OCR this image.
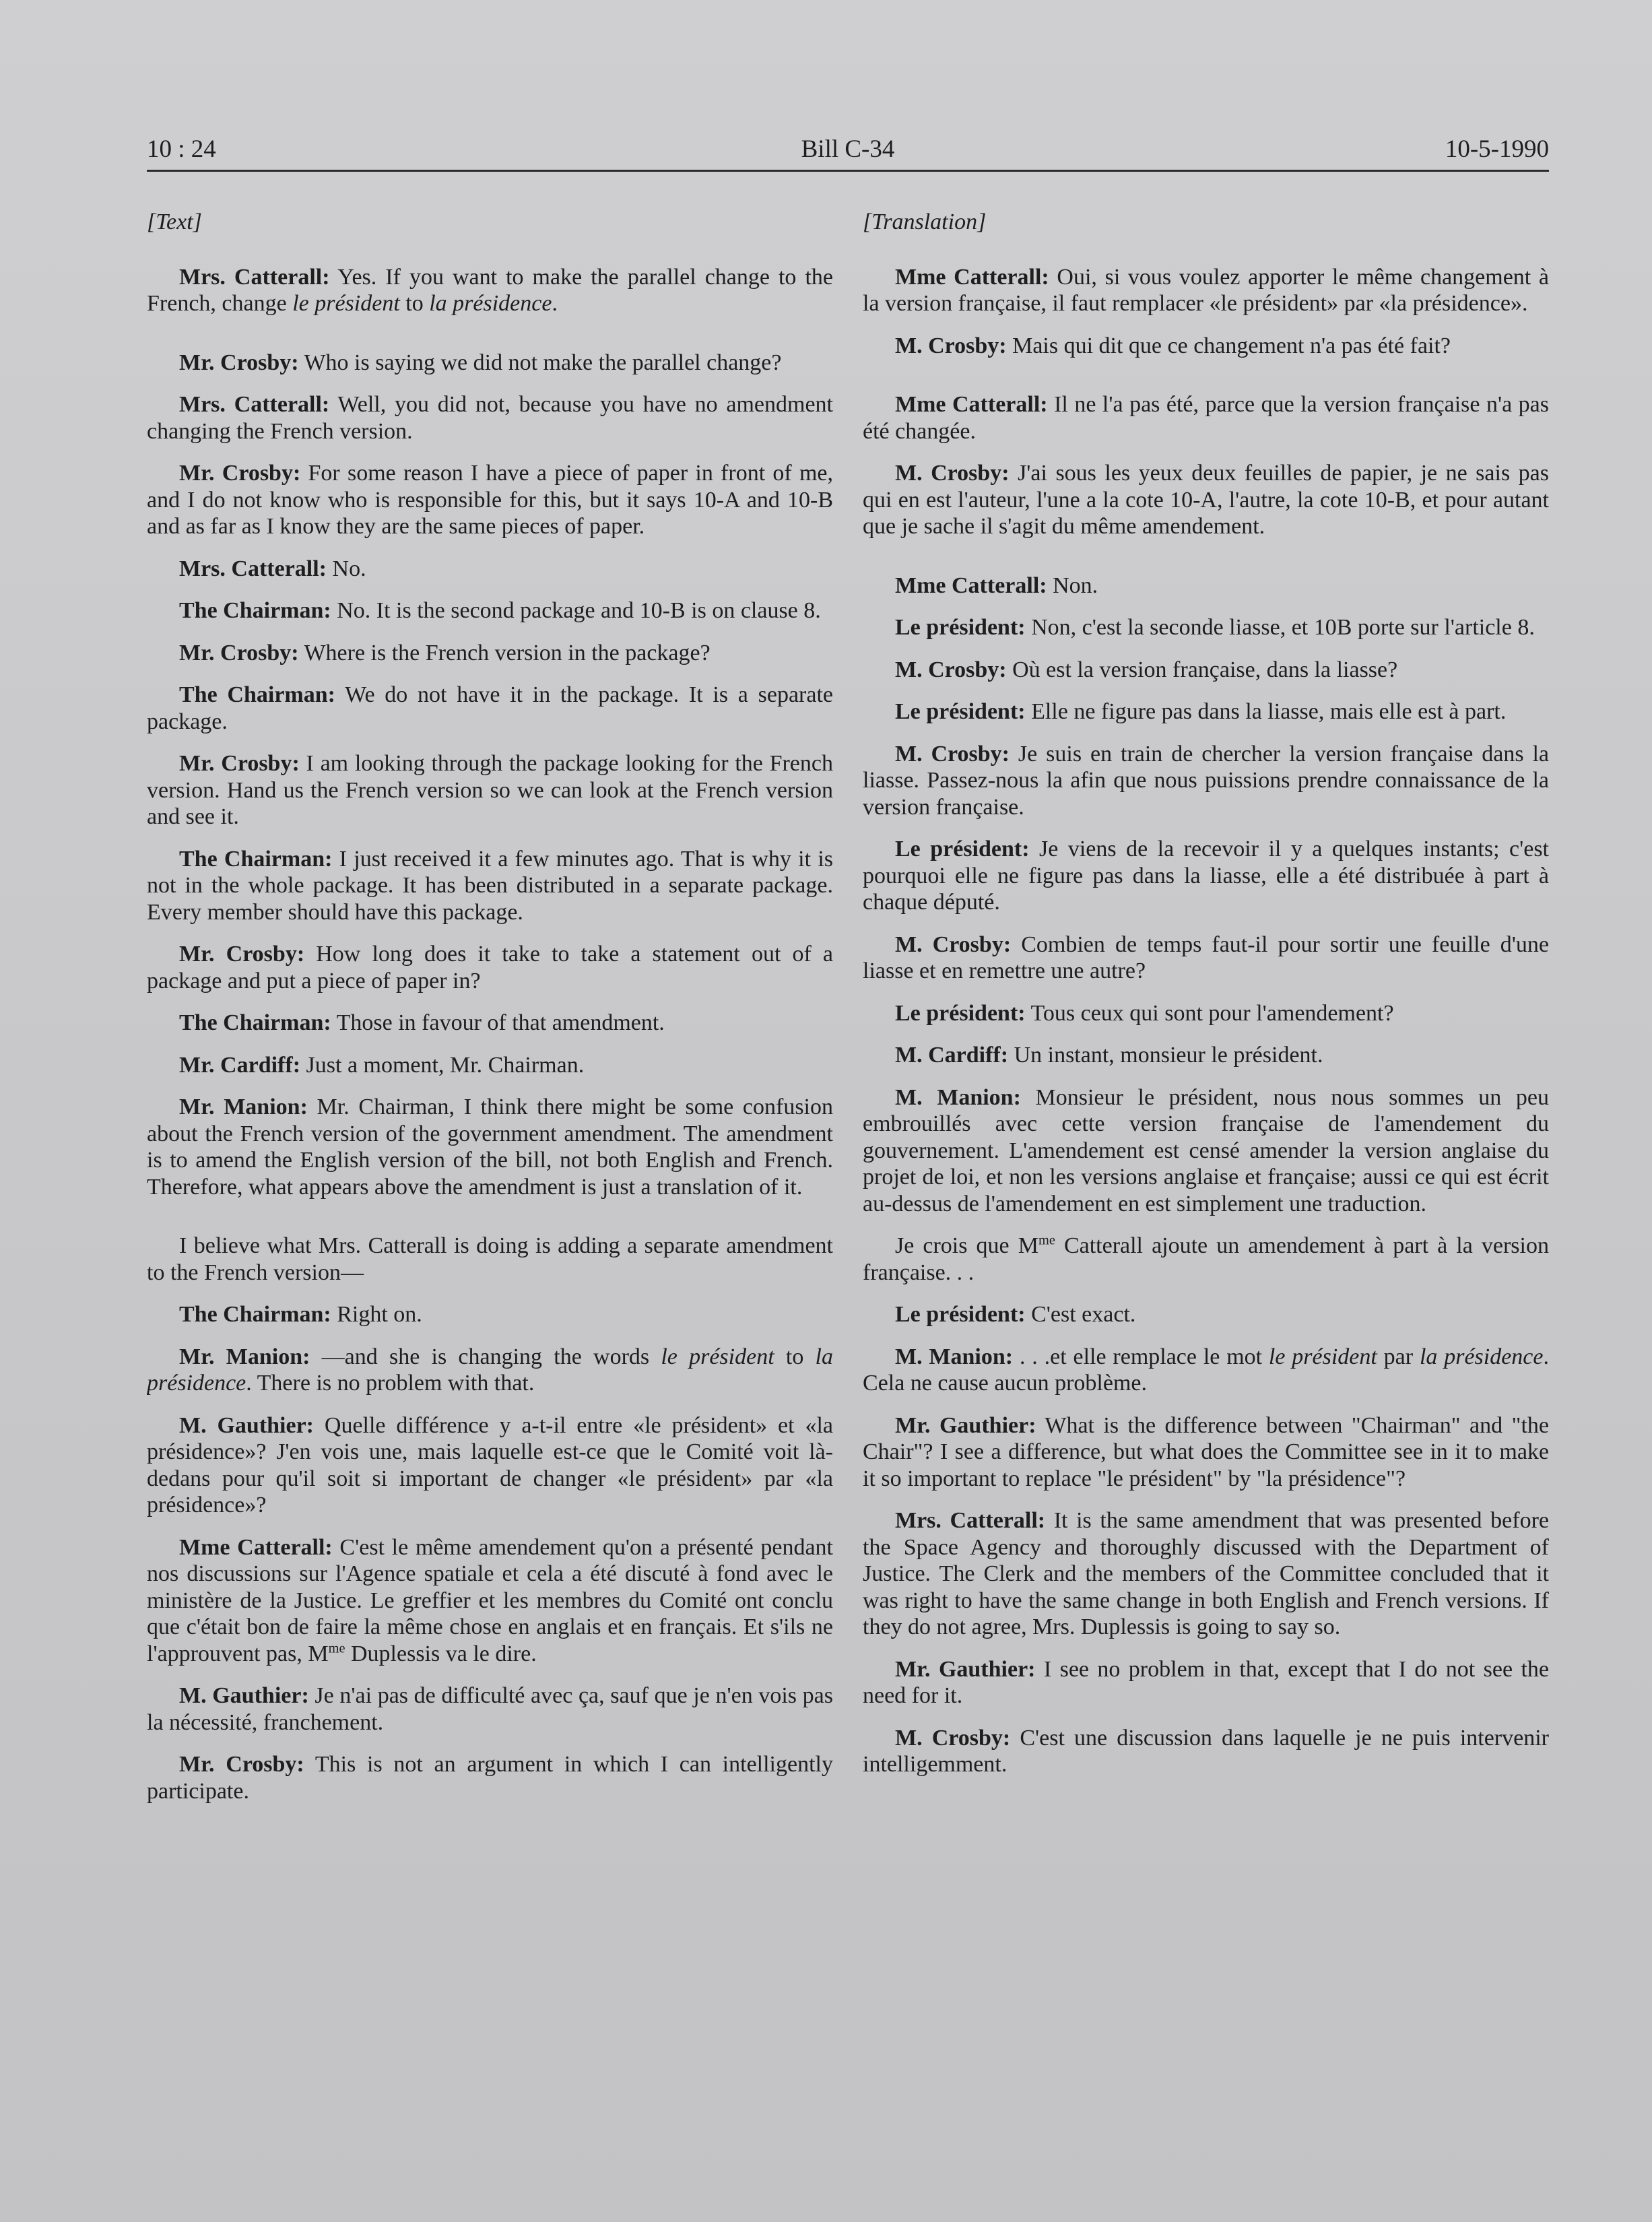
10 : 24	Bill C-34	10-5-1990

[Text]

Mrs. Catterall: Yes. If you want to make the parallel change to the French, change le président to la présidence.

Mr. Crosby: Who is saying we did not make the parallel change?

Mrs. Catterall: Well, you did not, because you have no amendment changing the French version.

Mr. Crosby: For some reason I have a piece of paper in front of me, and I do not know who is responsible for this, but it says 10-A and 10-B and as far as I know they are the same pieces of paper.

Mrs. Catterall: No.

The Chairman: No. It is the second package and 10-B is on clause 8.

Mr. Crosby: Where is the French version in the package?

The Chairman: We do not have it in the package. It is a separate package.

Mr. Crosby: I am looking through the package looking for the French version. Hand us the French version so we can look at the French version and see it.

The Chairman: I just received it a few minutes ago. That is why it is not in the whole package. It has been distributed in a separate package. Every member should have this package.

Mr. Crosby: How long does it take to take a statement out of a package and put a piece of paper in?

The Chairman: Those in favour of that amendment.

Mr. Cardiff: Just a moment, Mr. Chairman.

Mr. Manion: Mr. Chairman, I think there might be some confusion about the French version of the government amendment. The amendment is to amend the English version of the bill, not both English and French. Therefore, what appears above the amendment is just a translation of it.

I believe what Mrs. Catterall is doing is adding a separate amendment to the French version—

The Chairman: Right on.

Mr. Manion: —and she is changing the words le président to la présidence. There is no problem with that.

M. Gauthier: Quelle différence y a-t-il entre «le président» et «la présidence»? J'en vois une, mais laquelle est-ce que le Comité voit là-dedans pour qu'il soit si important de changer «le président» par «la présidence»?

Mme Catterall: C'est le même amendement qu'on a présenté pendant nos discussions sur l'Agence spatiale et cela a été discuté à fond avec le ministère de la Justice. Le greffier et les membres du Comité ont conclu que c'était bon de faire la même chose en anglais et en français. Et s'ils ne l'approuvent pas, $M^{me}$ Duplessis va le dire.

M. Gauthier: Je n'ai pas de difficulté avec ça, sauf que je n'en vois pas la nécessité, franchement.

Mr. Crosby: This is not an argument in which I can intelligently participate.

[Translation]

Mme Catterall: Oui, si vous voulez apporter le même changement à la version française, il faut remplacer «le président» par «la présidence».

M. Crosby: Mais qui dit que ce changement n'a pas été fait?

Mme Catterall: Il ne l'a pas été, parce que la version française n'a pas été changée.

M. Crosby: J'ai sous les yeux deux feuilles de papier, je ne sais pas qui en est l'auteur, l'une a la cote 10-A, l'autre, la cote 10-B, et pour autant que je sache il s'agit du même amendement.

Mme Catterall: Non.

Le président: Non, c'est la seconde liasse, et 10B porte sur l'article 8.

M. Crosby: Où est la version française, dans la liasse?

Le président: Elle ne figure pas dans la liasse, mais elle est à part.

M. Crosby: Je suis en train de chercher la version française dans la liasse. Passez-nous la afin que nous puissions prendre connaissance de la version française.

Le président: Je viens de la recevoir il y a quelques instants; c'est pourquoi elle ne figure pas dans la liasse, elle a été distribuée à part à chaque député.

M. Crosby: Combien de temps faut-il pour sortir une feuille d'une liasse et en remettre une autre?

Le président: Tous ceux qui sont pour l'amendement?

M. Cardiff: Un instant, monsieur le président.

M. Manion: Monsieur le président, nous nous sommes un peu embrouillés avec cette version française de l'amendement du gouvernement. L'amendement est censé amender la version anglaise du projet de loi, et non les versions anglaise et française; aussi ce qui est écrit au-dessus de l'amendement en est simplement une traduction.

Je crois que $M^{me}$ Catterall ajoute un amendement à part à la version française. . .

Le président: C'est exact.

M. Manion: . . .et elle remplace le mot le président par la présidence. Cela ne cause aucun problème.

Mr. Gauthier: What is the difference between "Chairman" and "the Chair"? I see a difference, but what does the Committee see in it to make it so important to replace "le président" by "la présidence"?

Mrs. Catterall: It is the same amendment that was presented before the Space Agency and thoroughly discussed with the Department of Justice. The Clerk and the members of the Committee concluded that it was right to have the same change in both English and French versions. If they do not agree, Mrs. Duplessis is going to say so.

Mr. Gauthier: I see no problem in that, except that I do not see the need for it.

M. Crosby: C'est une discussion dans laquelle je ne puis intervenir intelligemment.
